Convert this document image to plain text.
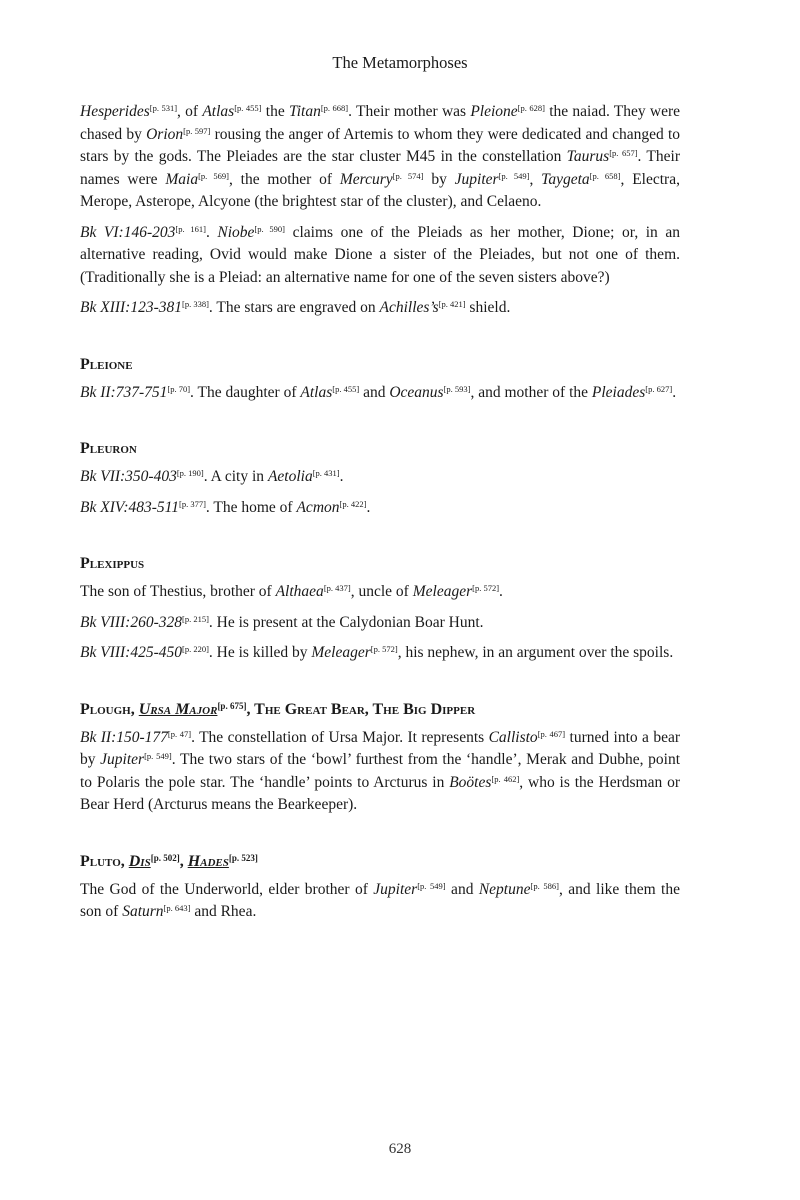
The Metamorphoses

Hesperides[p. 531], of Atlas[p. 455] the Titan[p. 668]. Their mother was Pleione[p. 628] the naiad. They were chased by Orion[p. 597] rousing the anger of Artemis to whom they were dedicated and changed to stars by the gods. The Pleiades are the star cluster M45 in the constellation Taurus[p. 657]. Their names were Maia[p. 569], the mother of Mercury[p. 574] by Jupiter[p. 549], Taygeta[p. 658], Electra, Merope, Asterope, Alcyone (the brightest star of the cluster), and Celaeno.

Bk VI:146-203[p. 161]. Niobe[p. 590] claims one of the Pleiads as her mother, Dione; or, in an alternative reading, Ovid would make Dione a sister of the Pleiades, but not one of them. (Traditionally she is a Pleiad: an alternative name for one of the seven sisters above?)

Bk XIII:123-381[p. 338]. The stars are engraved on Achilles’s[p. 421] shield.

Pleione

Bk II:737-751[p. 70]. The daughter of Atlas[p. 455] and Oceanus[p. 593], and mother of the Pleiades[p. 627].

Pleuron

Bk VII:350-403[p. 190]. A city in Aetolia[p. 431].

Bk XIV:483-511[p. 377]. The home of Acmon[p. 422].

Plexippus

The son of Thestius, brother of Althaea[p. 437], uncle of Meleager[p. 572].

Bk VIII:260-328[p. 215]. He is present at the Calydonian Boar Hunt.

Bk VIII:425-450[p. 220]. He is killed by Meleager[p. 572], his nephew, in an argument over the spoils.

Plough, Ursa Major[p. 675], The Great Bear, The Big Dipper

Bk II:150-177[p. 47]. The constellation of Ursa Major. It represents Callisto[p. 467] turned into a bear by Jupiter[p. 549]. The two stars of the ‘bowl’ furthest from the ‘handle’, Merak and Dubhe, point to Polaris the pole star. The ‘handle’ points to Arcturus in Boötes[p. 462], who is the Herdsman or Bear Herd (Arcturus means the Bearkeeper).

Pluto, Dis[p. 502], Hades[p. 523]

The God of the Underworld, elder brother of Jupiter[p. 549] and Neptune[p. 586], and like them the son of Saturn[p. 643] and Rhea.

628
